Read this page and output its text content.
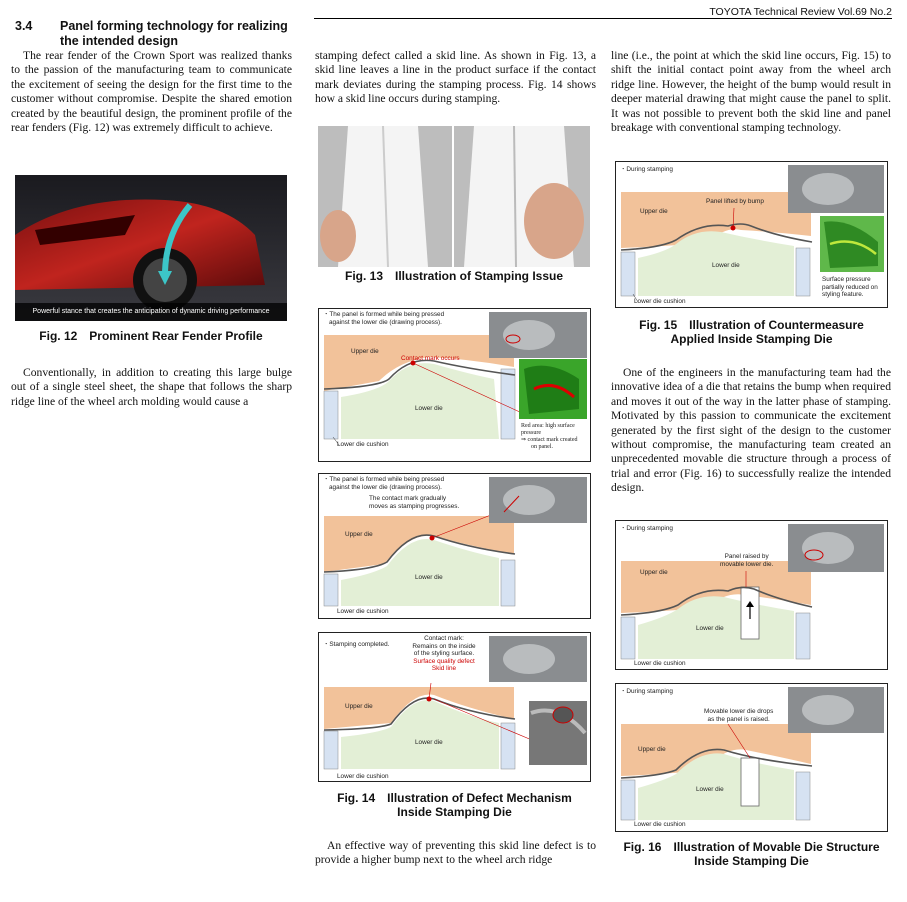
TOYOTA Technical Review Vol.69 No.2
3.4 Panel forming technology for realizing

the intended design
The rear fender of the Crown Sport was realized thanks to the passion of the manufacturing team to communicate the excitement of seeing the design for the first time to the customer without compromise. Despite the shared emotion created by the beautiful design, the prominent profile of the rear fenders (Fig. 12) was extremely difficult to achieve.
Powerful stance that creates the anticipation of dynamic driving performance
Fig. 12 Prominent Rear Fender Profile
Conventionally, in addition to creating this large bulge out of a single steel sheet, the shape that follows the sharp ridge line of the wheel arch molding would cause a
stamping defect called a skid line. As shown in Fig. 13, a skid line leaves a line in the product surface if the contact mark deviates during the stamping process. Fig. 14 shows how a skid line occurs during stamping.
Fig. 13 Illustration of Stamping Issue
・The panel is formed while being pressed
against the lower die (drawing process).
Contact mark occurs
Upper die
Lower die
Lower die cushion
Red area: high surface
pressure
⇒ contact mark created
on panel.
・The panel is formed while being pressed
against the lower die (drawing process).
The contact mark gradually
moves as stamping progresses.
Upper die
Lower die
Lower die cushion
・Stamping completed.
Contact mark:
Remains on the inside
of the styling surface.
Surface quality defect
Skid line
Upper die
Lower die
Lower die cushion
Fig. 14 Illustration of Defect Mechanism
Inside Stamping Die
An effective way of preventing this skid line defect is to provide a higher bump next to the wheel arch ridge
line (i.e., the point at which the skid line occurs, Fig. 15) to shift the initial contact point away from the wheel arch ridge line. However, the height of the bump would result in deeper material drawing that might cause the panel to split. It was not possible to prevent both the skid line and panel breakage with conventional stamping technology.
・During stamping
Panel lifted by bump
Upper die
Lower die
Lower die cushion
Surface pressure
partially reduced on
styling feature.
Fig. 15 Illustration of Countermeasure
Applied Inside Stamping Die
One of the engineers in the manufacturing team had the innovative idea of a die that retains the bump when required and moves it out of the way in the latter phase of stamping. Motivated by this passion to communicate the excitement generated by the first sight of the design to the customer without compromise, the manufacturing team created an unprecedented movable die structure through a process of trial and error (Fig. 16) to successfully realize the intended design.
・During stamping
Panel raised by
movable lower die.
Upper die
Lower die
Lower die cushion
・During stamping
Movable lower die drops
as the panel is raised.
Upper die
Lower die
Lower die cushion
Fig. 16 Illustration of Movable Die Structure
Inside Stamping Die
